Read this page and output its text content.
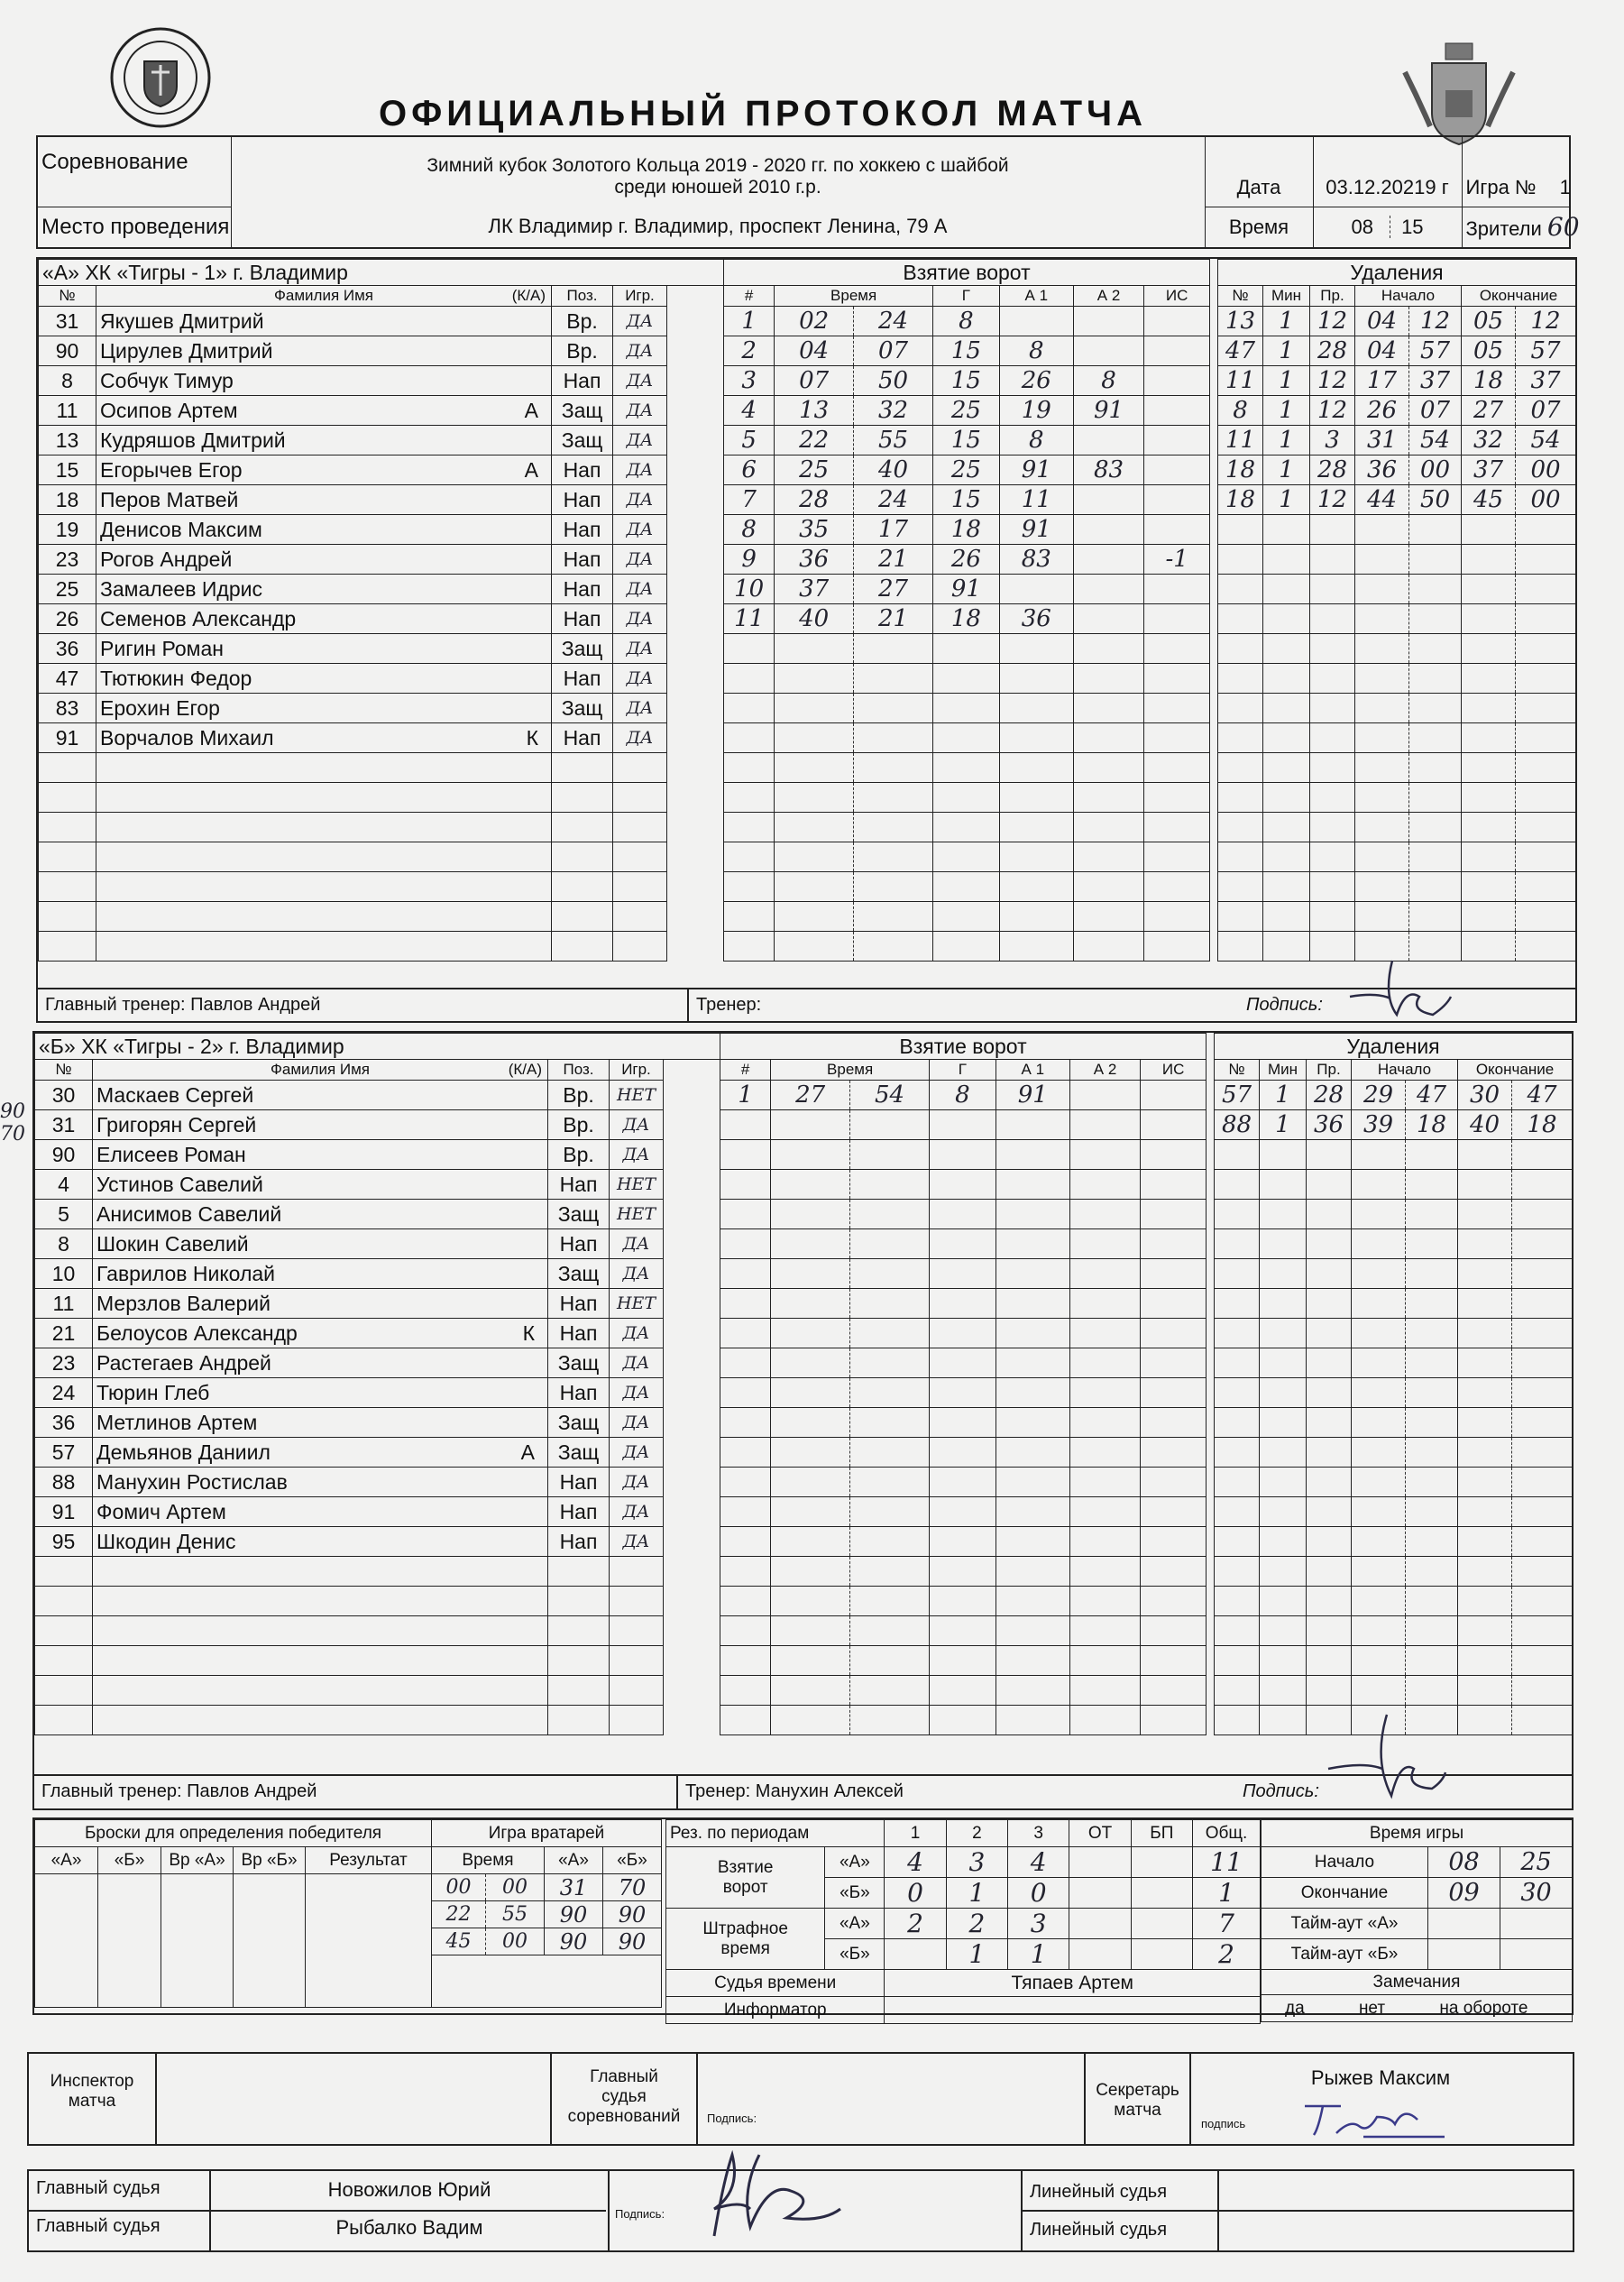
ОФИЦИАЛЬНЫЙ ПРОТОКОЛ МАТЧА
Соревнование	Зимний кубок Золотого Кольца 2019 - 2020 гг. по хоккею с шайбой
среди юношей 2010 г.р.
ЛК Владимир г. Владимир, проспект Ленина, 79 А	Дата	03.12.20219 г	Игра № 1
Место проведения		Время	08 15	Зрители 60
«А» ХК «Тигры - 1» г. Владимир				
№	Фамилия Имя (К/А)	Поз.	Игр.	
31	Якушев Дмитрий	Вр.	ДА	
90	Цирулев Дмитрий	Вр.	ДА	
8	Собчук Тимур	Нап	ДА	
11	Осипов Артем А	Защ	ДА	
13	Кудряшов Дмитрий	Защ	ДА	
15	Егорычев Егор А	Нап	ДА	
18	Перов Матвей	Нап	ДА	
19	Денисов Максим	Нап	ДА	
23	Рогов Андрей	Нап	ДА	
25	Замалеев Идрис	Нап	ДА	
26	Семенов Александр	Нап	ДА	
36	Ригин Роман	Защ	ДА	
47	Тютюкин Федор	Нап	ДА	
83	Ерохин Егор	Защ	ДА	
91	Ворчалов Михаил К	Нап	ДА	

Взятие ворот						
#	Время		Г	А 1	А 2	ИС
1	02	24	8			
2	04	07	15	8		
3	07	50	15	26	8	
4	13	32	25	19	91	
5	22	55	15	8		
6	25	40	25	91	83	
7	28	24	15	11		
8	35	17	18	91		
9	36	21	26	83		-1
10	37	27	91			
11	40	21	18	36		

Удаления						
№	Мин	Пр.	Начало		Окончание	
13	1	12	04	12	05	12
47	1	28	04	57	05	57
11	1	12	17	37	18	37
8	1	12	26	07	27	07
11	1	3	31	54	32	54
18	1	28	36	00	37	00
18	1	12	44	50	45	00

Главный тренер: Павлов Андрей	Тренер:	Подпись:
90
70
«Б» ХК «Тигры - 2» г. Владимир				
№	Фамилия Имя (К/А)	Поз.	Игр.	
30	Маскаев Сергей	Вр.	НЕТ	
31	Григорян Сергей	Вр.	ДА	
90	Елисеев Роман	Вр.	ДА	
4	Устинов Савелий	Нап	НЕТ	
5	Анисимов Савелий	Защ	НЕТ	
8	Шокин Савелий	Нап	ДА	
10	Гаврилов Николай	Защ	ДА	
11	Мерзлов Валерий	Нап	НЕТ	
21	Белоусов Александр К	Нап	ДА	
23	Растегаев Андрей	Защ	ДА	
24	Тюрин Глеб	Нап	ДА	
36	Метлинов Артем	Защ	ДА	
57	Демьянов Даниил А	Защ	ДА	
88	Манухин Ростислав	Нап	ДА	
91	Фомич Артем	Нап	ДА	
95	Шкодин Денис	Нап	ДА	

Взятие ворот						
#	Время		Г	А 1	А 2	ИС
1	27	54	8	91		

Удаления						
№	Мин	Пр.	Начало		Окончание	
57	1	28	29	47	30	47
88	1	36	39	18	40	18

Главный тренер: Павлов Андрей	Тренер: Манухин Алексей	Подпись:
Броски для определения победителя				
«А»	«Б»	Вр «А»	Вр «Б»	Результат

Игра вратарей			
Время		«А»	«Б»
00	00	31	70
22	55	90	90
45	00	90	90

Рез. по периодам		1	2	3	ОТ	БП	Общ.

Взятие
ворот	«А»	4	3	4			11
	«Б»	0	1	0			1

Штрафное
время	«А»	2	2	3			7
	«Б»		1	1			2
Судья времени		Тяпаев Артем					
Информатор							
Время игры		
Начало	08	25
Окончание	09	30
Тайм-аут «А»		
Тайм-аут «Б»		
Замечания		
да нет на обороте		
Инспектор
матча
Главный
судья
соревнований	Подпись:
Секретарь
матча
Рыжев Максим
подпись
Главный судья
Главный судья
Новожилов Юрий
Рыбалко Вадим
Подпись:
Линейный судья
Линейный судья
